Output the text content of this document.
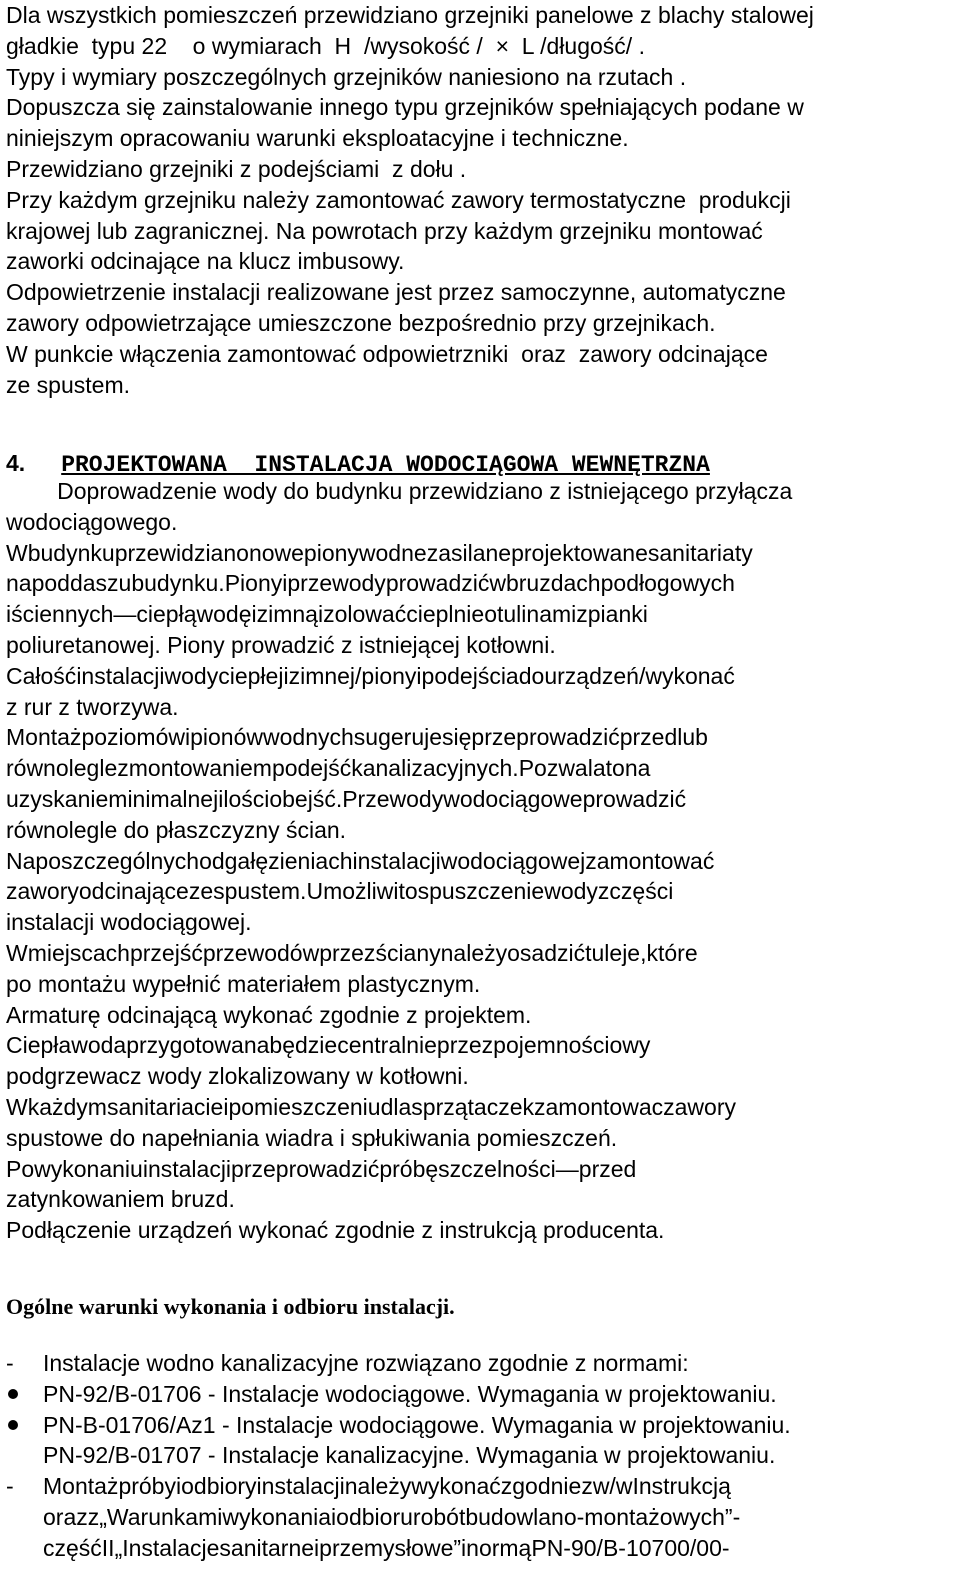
Dla wszystkich pomieszczeń przewidziano grzejniki panelowe z blachy stalowej
gładkie  typu 22    o wymiarach  H  /wysokość /  ×  L /długość/ .
Typy i wymiary poszczególnych grzejników naniesiono na rzutach .
Dopuszcza się zainstalowanie innego typu grzejników spełniających podane w
niniejszym opracowaniu warunki eksploatacyjne i techniczne.
Przewidziano grzejniki z podejściami  z dołu .
Przy każdym grzejniku należy zamontować zawory termostatyczne  produkcji
krajowej lub zagranicznej. Na powrotach przy każdym grzejniku montować
zaworki odcinające na klucz imbusowy.
Odpowietrzenie instalacji realizowane jest przez samoczynne, automatyczne
zawory odpowietrzające umieszczone bezpośrednio przy grzejnikach.
W punkcie włączenia zamontować odpowietrzniki  oraz  zawory odcinające
ze spustem.
4. PROJEKTOWANA  INSTALACJA WODOCIĄGOWA WEWNĘTRZNA
Doprowadzenie wody do budynku przewidziano z istniejącego przyłącza
wodociągowego.
Wbudynkuprzewidzianonowepionywodnezasilaneprojektowanesanitariaty
napoddaszubudynku.Pionyiprzewodyprowadzićwbruzdachpodłogowych
iściennych—ciepłąwodęizimnąizolowaćcieplnieotulinamizpianki
poliuretanowej. Piony prowadzić z istniejącej kotłowni.
Całośćinstalacjiwodyciepłejizimnej/pionyipodejściadourządzeń/wykonać
z rur z tworzywa.
Montażpoziomówipionówwodnychsugerujesięprzeprowadzićprzedlub
równoleglezmontowaniempodejśćkanalizacyjnych.Pozwalatona
uzyskanieminimalnejilościobejść.Przewodywodociągoweprowadzić
równolegle do płaszczyzny ścian.
Naposzczególnychodgałęzieniachinstalacjiwodociągowejzamontować
zaworyodcinającezespustem.Umożliwitospuszczeniewodyzczęści
instalacji wodociągowej.
Wmiejscachprzejśćprzewodówprzezścianynależyosadzićtuleje,które
po montażu wypełnić materiałem plastycznym.
Armaturę odcinającą wykonać zgodnie z projektem.
Ciepławodaprzygotowanabędziecentralnieprzezpojemnościowy
podgrzewacz wody zlokalizowany w kotłowni.
Wkażdymsanitariacieipomieszczeniudlasprzątaczekzamontowaczawory
spustowe do napełniania wiadra i spłukiwania pomieszczeń.
Powykonaniuinstalacjiprzeprowadzićpróbęszczelności—przed
zatynkowaniem bruzd.
Podłączenie urządzeń wykonać zgodnie z instrukcją producenta.
Ogólne warunki wykonania i odbioru instalacji.
-	Instalacje wodno kanalizacyjne rozwiązano zgodnie z normami:
PN-92/B-01706 - Instalacje wodociągowe. Wymagania w projektowaniu.
PN-B-01706/Az1 - Instalacje wodociągowe. Wymagania w projektowaniu.
PN-92/B-01707 - Instalacje kanalizacyjne. Wymagania w projektowaniu.
-	Montażpróbyiodbioryinstalacjinależywykonaćzgodniezw/wInstrukcją
orazz„Warunkamiwykonaniaiodbiorurobótbudowlano-montażowych”-
częśćII„Instalacjesanitarneiprzemysłowe”inormąPN-90/B-10700/00-
